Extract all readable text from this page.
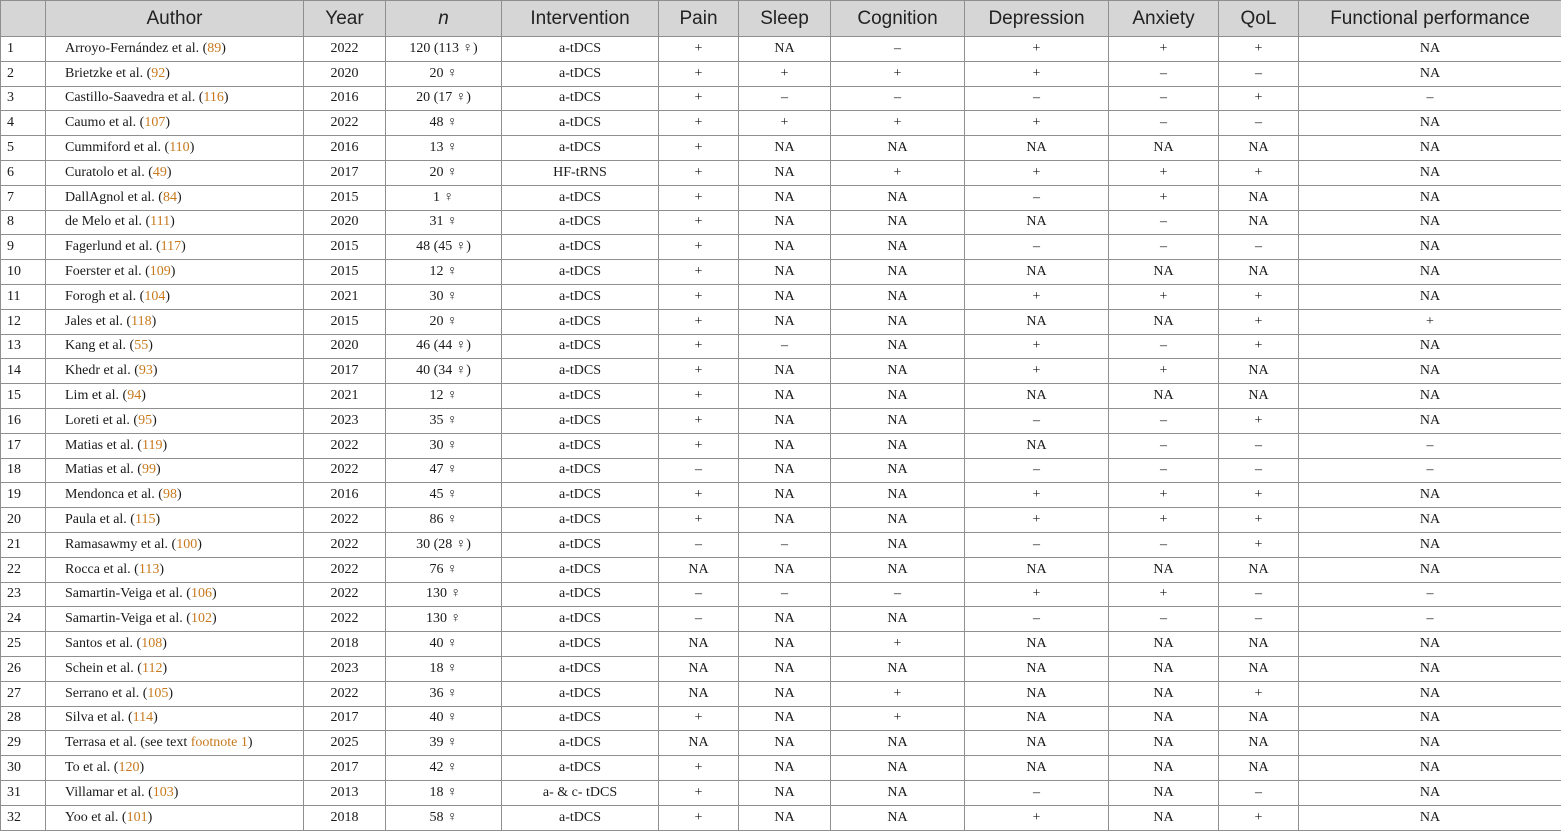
	Author	Year	n	Intervention	Pain	Sleep	Cognition	Depression	Anxiety	QoL	Functional performance
1	Arroyo-Fernández et al. (89)	2022	120 (113 ♀)	a-tDCS	+	NA	–	+	+	+	NA
2	Brietzke et al. (92)	2020	20 ♀	a-tDCS	+	+	+	+	–	–	NA
3	Castillo-Saavedra et al. (116)	2016	20 (17 ♀)	a-tDCS	+	–	–	–	–	+	–
4	Caumo et al. (107)	2022	48 ♀	a-tDCS	+	+	+	+	–	–	NA
5	Cummiford et al. (110)	2016	13 ♀	a-tDCS	+	NA	NA	NA	NA	NA	NA
6	Curatolo et al. (49)	2017	20 ♀	HF-tRNS	+	NA	+	+	+	+	NA
7	DallAgnol et al. (84)	2015	1 ♀	a-tDCS	+	NA	NA	–	+	NA	NA
8	de Melo et al. (111)	2020	31 ♀	a-tDCS	+	NA	NA	NA	–	NA	NA
9	Fagerlund et al. (117)	2015	48 (45 ♀)	a-tDCS	+	NA	NA	–	–	–	NA
10	Foerster et al. (109)	2015	12 ♀	a-tDCS	+	NA	NA	NA	NA	NA	NA
11	Forogh et al. (104)	2021	30 ♀	a-tDCS	+	NA	NA	+	+	+	NA
12	Jales et al. (118)	2015	20 ♀	a-tDCS	+	NA	NA	NA	NA	+	+
13	Kang et al. (55)	2020	46 (44 ♀)	a-tDCS	+	–	NA	+	–	+	NA
14	Khedr et al. (93)	2017	40 (34 ♀)	a-tDCS	+	NA	NA	+	+	NA	NA
15	Lim et al. (94)	2021	12 ♀	a-tDCS	+	NA	NA	NA	NA	NA	NA
16	Loreti et al. (95)	2023	35 ♀	a-tDCS	+	NA	NA	–	–	+	NA
17	Matias et al. (119)	2022	30 ♀	a-tDCS	+	NA	NA	NA	–	–	–
18	Matias et al. (99)	2022	47 ♀	a-tDCS	–	NA	NA	–	–	–	–
19	Mendonca et al. (98)	2016	45 ♀	a-tDCS	+	NA	NA	+	+	+	NA
20	Paula et al. (115)	2022	86 ♀	a-tDCS	+	NA	NA	+	+	+	NA
21	Ramasawmy et al. (100)	2022	30 (28 ♀)	a-tDCS	–	–	NA	–	–	+	NA
22	Rocca et al. (113)	2022	76 ♀	a-tDCS	NA	NA	NA	NA	NA	NA	NA
23	Samartin-Veiga et al. (106)	2022	130 ♀	a-tDCS	–	–	–	+	+	–	–
24	Samartin-Veiga et al. (102)	2022	130 ♀	a-tDCS	–	NA	NA	–	–	–	–
25	Santos et al. (108)	2018	40 ♀	a-tDCS	NA	NA	+	NA	NA	NA	NA
26	Schein et al. (112)	2023	18 ♀	a-tDCS	NA	NA	NA	NA	NA	NA	NA
27	Serrano et al. (105)	2022	36 ♀	a-tDCS	NA	NA	+	NA	NA	+	NA
28	Silva et al. (114)	2017	40 ♀	a-tDCS	+	NA	+	NA	NA	NA	NA
29	Terrasa et al. (see text footnote 1)	2025	39 ♀	a-tDCS	NA	NA	NA	NA	NA	NA	NA
30	To et al. (120)	2017	42 ♀	a-tDCS	+	NA	NA	NA	NA	NA	NA
31	Villamar et al. (103)	2013	18 ♀	a- & c- tDCS	+	NA	NA	–	NA	–	NA
32	Yoo et al. (101)	2018	58 ♀	a-tDCS	+	NA	NA	+	NA	+	NA
